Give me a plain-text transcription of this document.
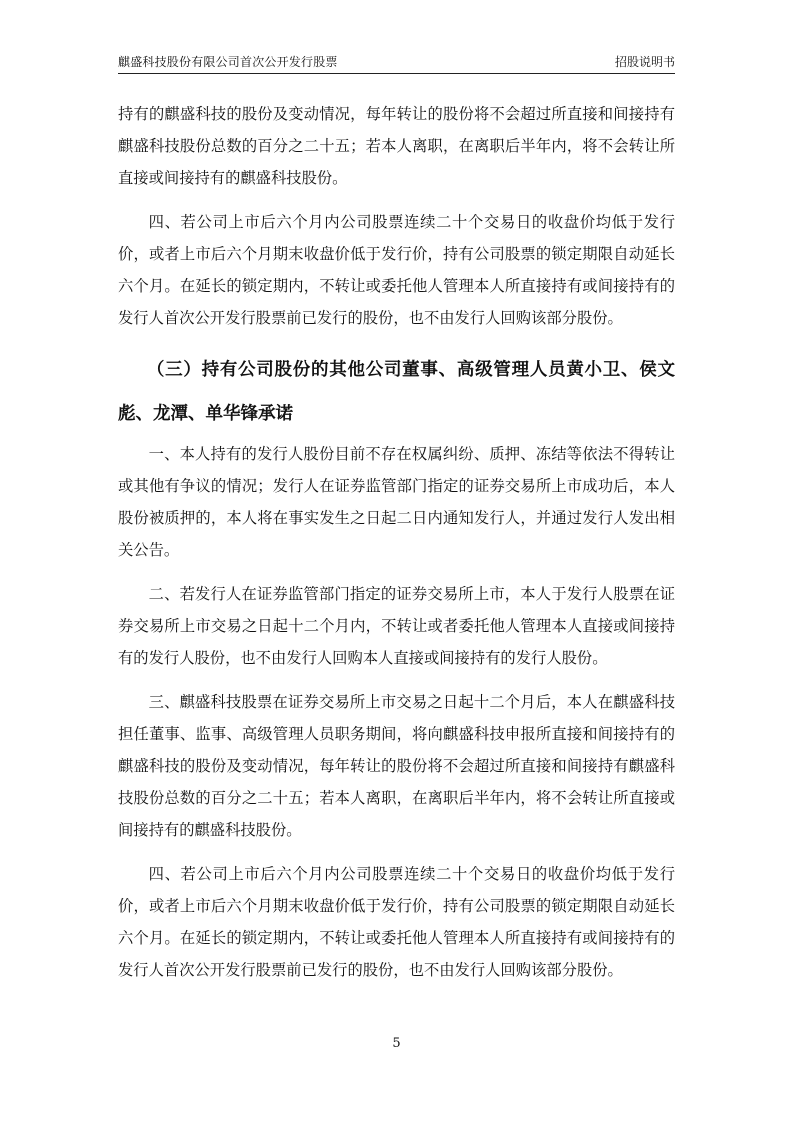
麒盛科技股份有限公司首次公开发行股票	招股说明书

持有的麒盛科技的股份及变动情况，每年转让的股份将不会超过所直接和间接持有麒盛科技股份总数的百分之二十五；若本人离职，在离职后半年内，将不会转让所直接或间接持有的麒盛科技股份。

四、若公司上市后六个月内公司股票连续二十个交易日的收盘价均低于发行价，或者上市后六个月期末收盘价低于发行价，持有公司股票的锁定期限自动延长六个月。在延长的锁定期内，不转让或委托他人管理本人所直接持有或间接持有的发行人首次公开发行股票前已发行的股份，也不由发行人回购该部分股份。

（三）持有公司股份的其他公司董事、高级管理人员黄小卫、侯文彪、龙潭、单华锋承诺

一、本人持有的发行人股份目前不存在权属纠纷、质押、冻结等依法不得转让或其他有争议的情况；发行人在证券监管部门指定的证券交易所上市成功后，本人股份被质押的，本人将在事实发生之日起二日内通知发行人，并通过发行人发出相关公告。

二、若发行人在证券监管部门指定的证券交易所上市，本人于发行人股票在证券交易所上市交易之日起十二个月内，不转让或者委托他人管理本人直接或间接持有的发行人股份，也不由发行人回购本人直接或间接持有的发行人股份。

三、麒盛科技股票在证券交易所上市交易之日起十二个月后，本人在麒盛科技担任董事、监事、高级管理人员职务期间，将向麒盛科技申报所直接和间接持有的麒盛科技的股份及变动情况，每年转让的股份将不会超过所直接和间接持有麒盛科技股份总数的百分之二十五；若本人离职，在离职后半年内，将不会转让所直接或间接持有的麒盛科技股份。

四、若公司上市后六个月内公司股票连续二十个交易日的收盘价均低于发行价，或者上市后六个月期末收盘价低于发行价，持有公司股票的锁定期限自动延长六个月。在延长的锁定期内，不转让或委托他人管理本人所直接持有或间接持有的发行人首次公开发行股票前已发行的股份，也不由发行人回购该部分股份。

5
